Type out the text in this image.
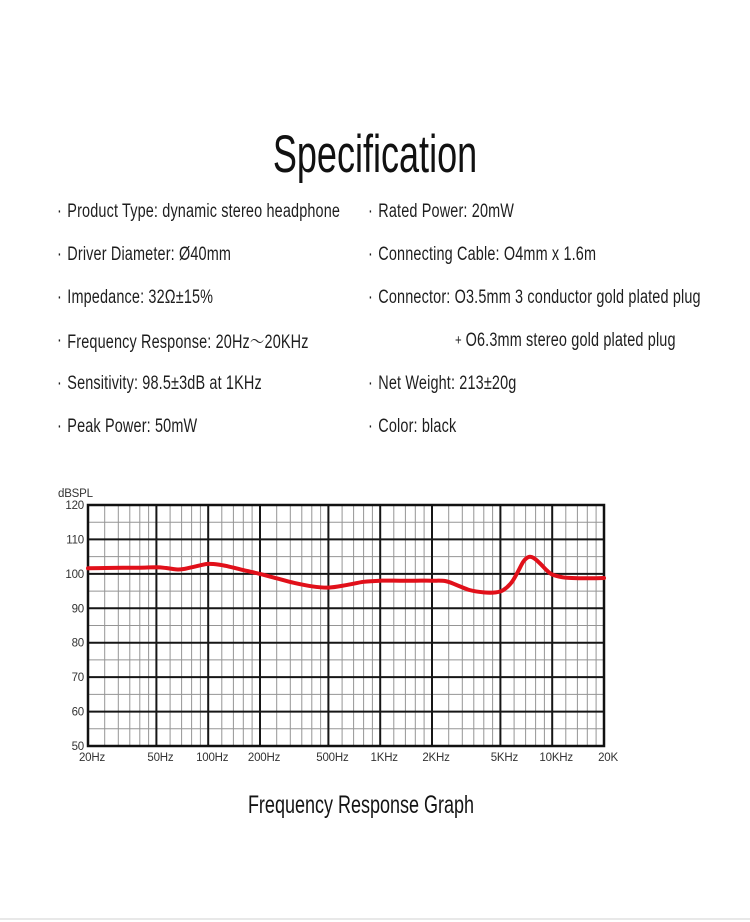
Specification
· Product Type: dynamic stereo headphone
· Driver Diameter: Ø40mm
· Impedance: 32Ω±15%
· Frequency Response: 20Hz～20KHz
· Sensitivity: 98.5±3dB at 1KHz
· Peak Power: 50mW
· Rated Power: 20mW
· Connecting Cable: O4mm x 1.6m
· Connector: O3.5mm 3 conductor gold plated plug
+ O6.3mm stereo gold plated plug
· Net Weight: 213±20g
· Color: black
dBSPL
120
110
100
90
80
70
60
50
20Hz	50Hz 100Hz 200Hz	500Hz 1KHz 2KHz	5KHz 10KHz 20K
Frequency Response Graph
